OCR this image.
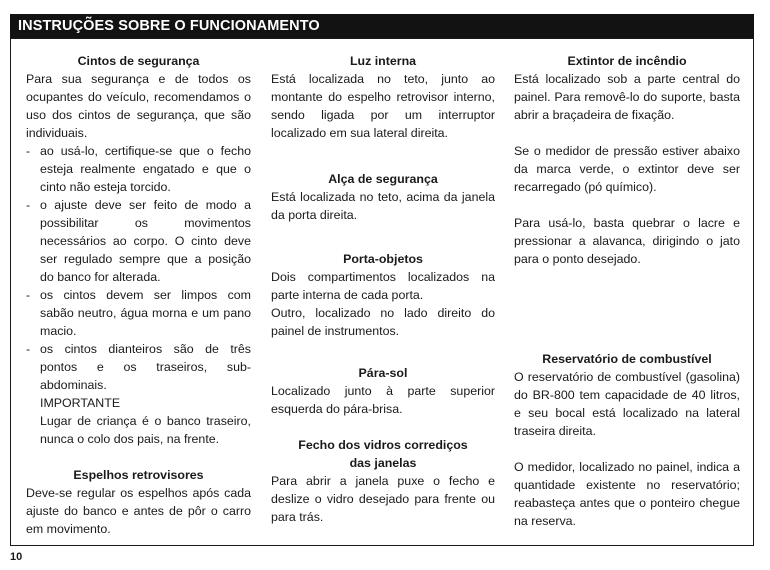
INSTRUÇÕES SOBRE O FUNCIONAMENTO
Cintos de segurança

Para sua segurança e de todos os ocupantes do veículo, recomendamos o uso dos cintos de segurança, que são individuais.

- ao usá-lo, certifique-se que o fecho esteja realmente engatado e que o cinto não esteja torcido.
- o ajuste deve ser feito de modo a possibilitar os movimentos necessários ao corpo. O cinto deve ser regulado sempre que a posição do banco for alterada.
- os cintos devem ser limpos com sabão neutro, água morna e um pano macio.
- os cintos dianteiros são de três pontos e os traseiros, sub-abdominais.

IMPORTANTE

Lugar de criança é o banco traseiro, nunca o colo dos pais, na frente.

Espelhos retrovisores

Deve-se regular os espelhos após cada ajuste do banco e antes de pôr o carro em movimento.

Luz interna

Está localizada no teto, junto ao montante do espelho retrovisor interno, sendo ligada por um interruptor localizado em sua lateral direita.

Alça de segurança

Está localizada no teto, acima da janela da porta direita.

Porta-objetos

Dois compartimentos localizados na parte interna de cada porta.

Outro, localizado no lado direito do painel de instrumentos.

Pára-sol

Localizado junto à parte superior esquerda do pára-brisa.

Fecho dos vidros corrediços
das janelas

Para abrir a janela puxe o fecho e deslize o vidro desejado para frente ou para trás.

Extintor de incêndio

Está localizado sob a parte central do painel. Para removê-lo do suporte, basta abrir a braçadeira de fixação.

Se o medidor de pressão estiver abaixo da marca verde, o extintor deve ser recarregado (pó químico).

Para usá-lo, basta quebrar o lacre e pressionar a alavanca, dirigindo o jato para o ponto desejado.

Reservatório de combustível

O reservatório de combustível (gasolina) do BR-800 tem capacidade de 40 litros, e seu bocal está localizado na lateral traseira direita.

O medidor, localizado no painel, indica a quantidade existente no reservatório; reabasteça antes que o ponteiro chegue na reserva.

10
